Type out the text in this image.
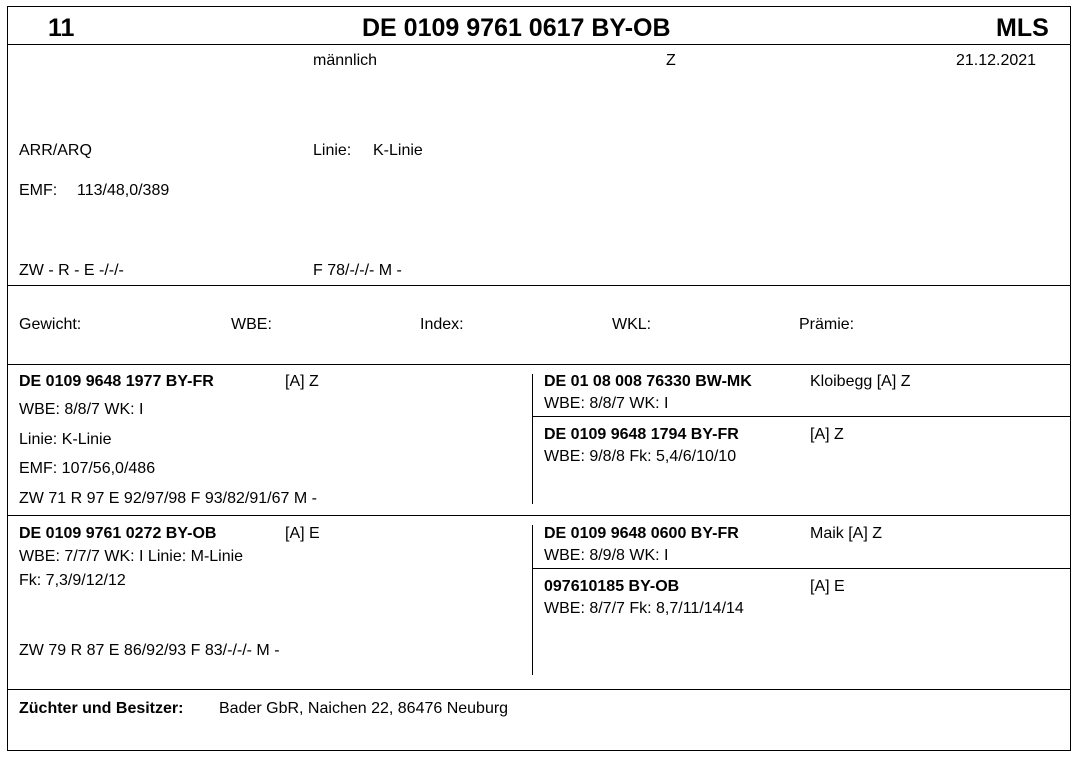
11	DE 0109 9761 0617 BY-OB	MLS
männlich	Z	21.12.2021
ARR/ARQ	Linie: K-Linie
EMF: 113/48,0/389
ZW - R - E -/-/-	F 78/-/-/- M -
Gewicht:	WBE:	Index:	WKL:	Prämie:
DE 0109 9648 1977 BY-FR	[A] Z
WBE: 8/8/7 WK: I
Linie: K-Linie
EMF: 107/56,0/486
ZW 71 R 97 E 92/97/98 F 93/82/91/67 M -
DE 01 08 008 76330 BW-MK	Kloibegg [A] Z
WBE: 8/8/7 WK: I
DE 0109 9648 1794 BY-FR	[A] Z
WBE: 9/8/8 Fk: 5,4/6/10/10
DE 0109 9761 0272 BY-OB	[A] E
WBE: 7/7/7 WK: I Linie: M-Linie
Fk: 7,3/9/12/12
ZW 79 R 87 E 86/92/93 F 83/-/-/- M -
DE 0109 9648 0600 BY-FR	Maik [A] Z
WBE: 8/9/8 WK: I
097610185 BY-OB	[A] E
WBE: 8/7/7 Fk: 8,7/11/14/14
Züchter und Besitzer: Bader GbR, Naichen 22, 86476 Neuburg
